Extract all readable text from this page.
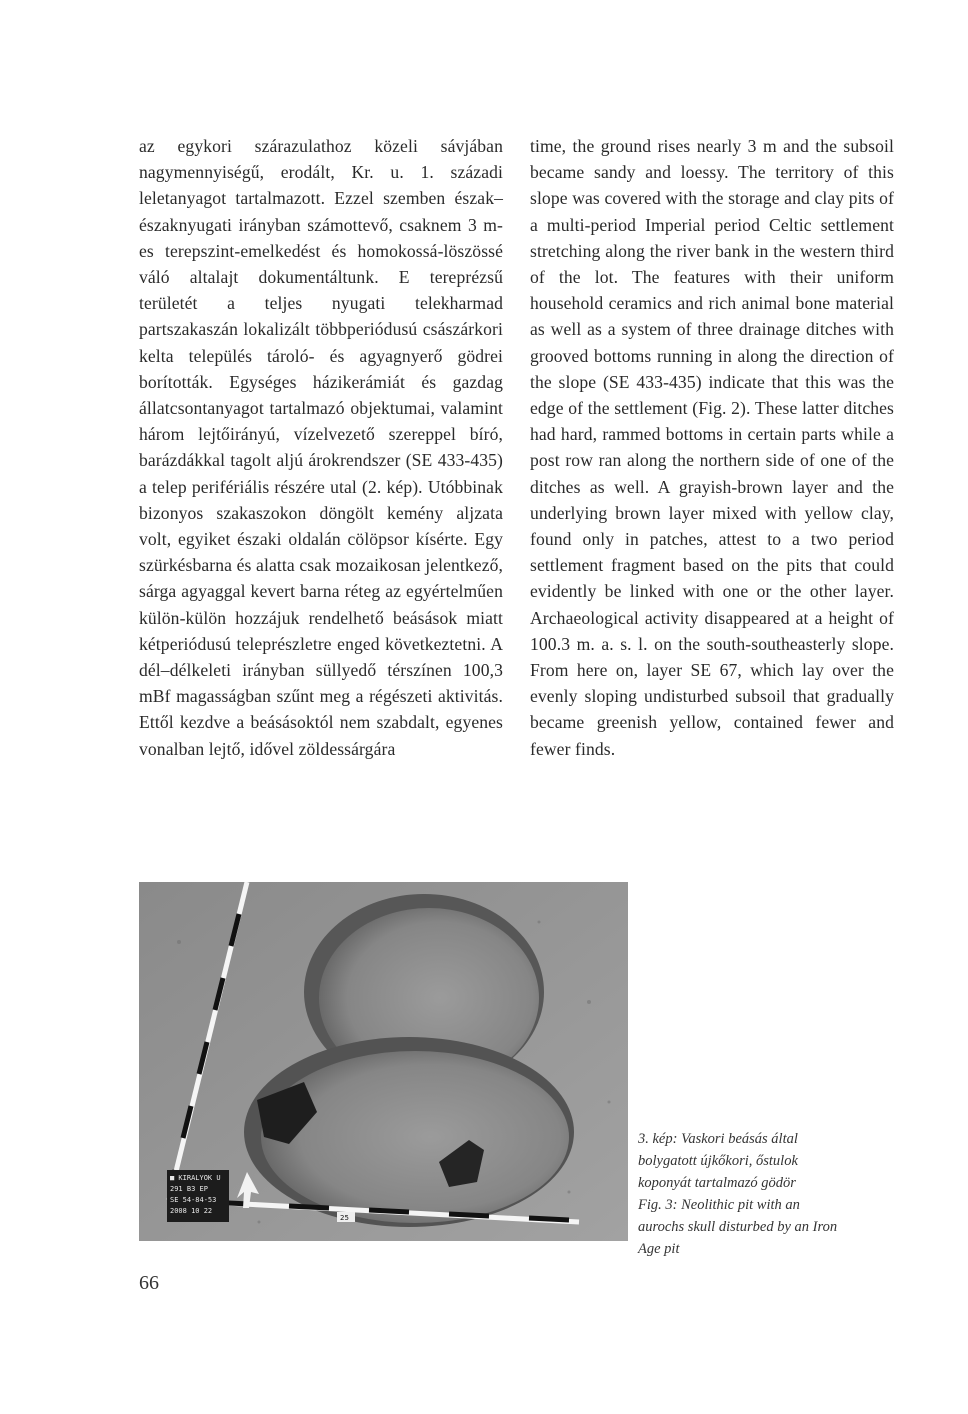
az egykori szárazulathoz közeli sávjában nagymennyiségű, erodált, Kr. u. 1. századi leletanyagot tartalmazott. Ezzel szemben észak–északnyugati irányban számottevő, csaknem 3 m-es terepszint-emelkedést és homokossá-löszössé váló altalajt dokumentáltunk. E tereprézsű területét a teljes nyugati telekharmad partszakaszán lokalizált többperiódusú császárkori kelta település tároló- és agyagnyerő gödrei borították. Egységes házikerámiát és gazdag állatcsontanyagot tartalmazó objektumai, valamint három lejtőirányú, vízelvezető szereppel bíró, barázdákkal tagolt aljú árokrendszer (SE 433-435) a telep perifériális részére utal (2. kép). Utóbbinak bizonyos szakaszokon döngölt kemény aljzata volt, egyiket északi oldalán cölöpsor kísérte. Egy szürkésbarna és alatta csak mozaikosan jelentkező, sárga agyaggal kevert barna réteg az egyértelműen külön-külön hozzájuk rendelhető beásások miatt kétperiódusú teleprészletre enged következtetni. A dél–délkeleti irányban süllyedő térszínen 100,3 mBf magasságban szűnt meg a régészeti aktivitás. Ettől kezdve a beásásoktól nem szabdalt, egyenes vonalban lejtő, idővel zöldessárgára

time, the ground rises nearly 3 m and the subsoil became sandy and loessy. The territory of this slope was covered with the storage and clay pits of a multi-period Imperial period Celtic settlement stretching along the river bank in the western third of the lot. The features with their uniform household ceramics and rich animal bone material as well as a system of three drainage ditches with grooved bottoms running in along the direction of the slope (SE 433-435) indicate that this was the edge of the settlement (Fig. 2). These latter ditches had hard, rammed bottoms in certain parts while a post row ran along the northern side of one of the ditches as well. A grayish-brown layer and the underlying brown layer mixed with yellow clay, found only in patches, attest to a two period settlement fragment based on the pits that could evidently be linked with one or the other layer. Archaeological activity disappeared at a height of 100.3 m. a. s. l. on the south-southeasterly slope. From here on, layer SE 67, which lay over the evenly sloping undisturbed subsoil that gradually became greenish yellow, contained fewer and fewer finds.

■ KIRALYOK U
291 B3 EP
SE 54-84-53
2008 10 22
25

3. kép: Vaskori beásás által bolygatott újkőkori, őstulok koponyát tartalmazó gödör

Fig. 3: Neolithic pit with an aurochs skull disturbed by an Iron Age pit

66
